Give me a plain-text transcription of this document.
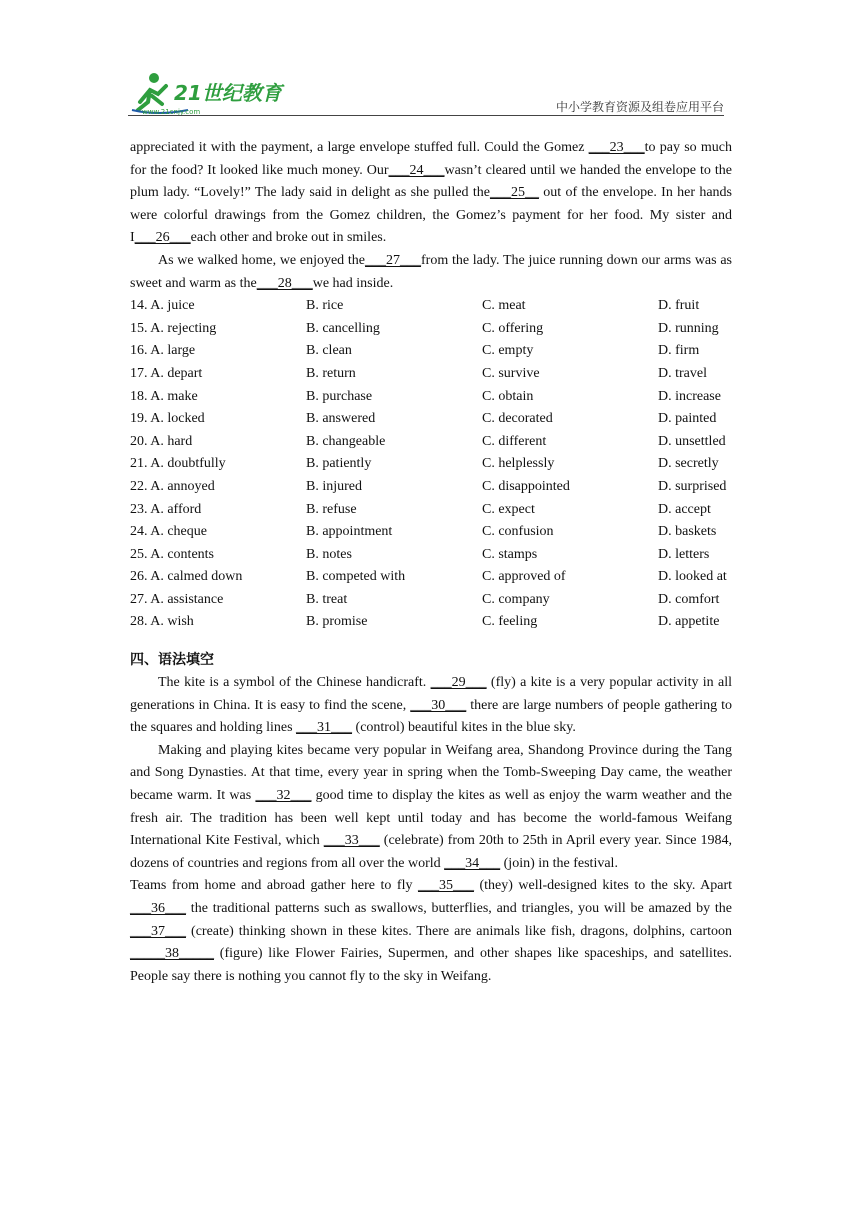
21世纪教育
www.21cnjy.com	中小学教育资源及组卷应用平台

appreciated it with the payment, a large envelope stuffed full. Could the Gomez ___23___to pay so much for the food? It looked like much money. Our___24___wasn’t cleared until we handed the envelope to the plum lady. “Lovely!” The lady said in delight as she pulled the___25__ out of the envelope. In her hands were colorful drawings from the Gomez children, the Gomez’s payment for her food. My sister and I___26___each other and broke out in smiles.

As we walked home, we enjoyed the___27___from the lady. The juice running down our arms was as sweet and warm as the___28___we had inside.

14. A. juice	B. rice	C. meat	D. fruit
15. A. rejecting	B. cancelling	C. offering	D. running
16. A. large	B. clean	C. empty	D. firm
17. A. depart	B. return	C. survive	D. travel
18. A. make	B. purchase	C. obtain	D. increase
19. A. locked	B. answered	C. decorated	D. painted
20. A. hard	B. changeable	C. different	D. unsettled
21. A. doubtfully	B. patiently	C. helplessly	D. secretly
22. A. annoyed	B. injured	C. disappointed	D. surprised
23. A. afford	B. refuse	C. expect	D. accept
24. A. cheque	B. appointment	C. confusion	D. baskets
25. A. contents	B. notes	C. stamps	D. letters
26. A. calmed down	B. competed with	C. approved of	D. looked at
27. A. assistance	B. treat	C. company	D. comfort
28. A. wish	B. promise	C. feeling	D. appetite
四、语法填空

The kite is a symbol of the Chinese handicraft. ___29___ (fly) a kite is a very popular activity in all generations in China. It is easy to find the scene, ___30___ there are large numbers of people gathering to the squares and holding lines ___31___ (control) beautiful kites in the blue sky.

Making and playing kites became very popular in Weifang area, Shandong Province during the Tang and Song Dynasties. At that time, every year in spring when the Tomb-Sweeping Day came, the weather became warm. It was ___32___ good time to display the kites as well as enjoy the warm weather and the fresh air. The tradition has been well kept until today and has become the world-famous Weifang International Kite Festival, which ___33___ (celebrate) from 20th to 25th in April every year. Since 1984, dozens of countries and regions from all over the world ___34___ (join) in the festival.

Teams from home and abroad gather here to fly ___35___ (they) well-designed kites to the sky. Apart ___36___ the traditional patterns such as swallows, butterflies, and triangles, you will be amazed by the ___37___ (create) thinking shown in these kites. There are animals like fish, dragons, dolphins, cartoon _____38_____ (figure) like Flower Fairies, Supermen, and other shapes like spaceships, and satellites. People say there is nothing you cannot fly to the sky in Weifang.
